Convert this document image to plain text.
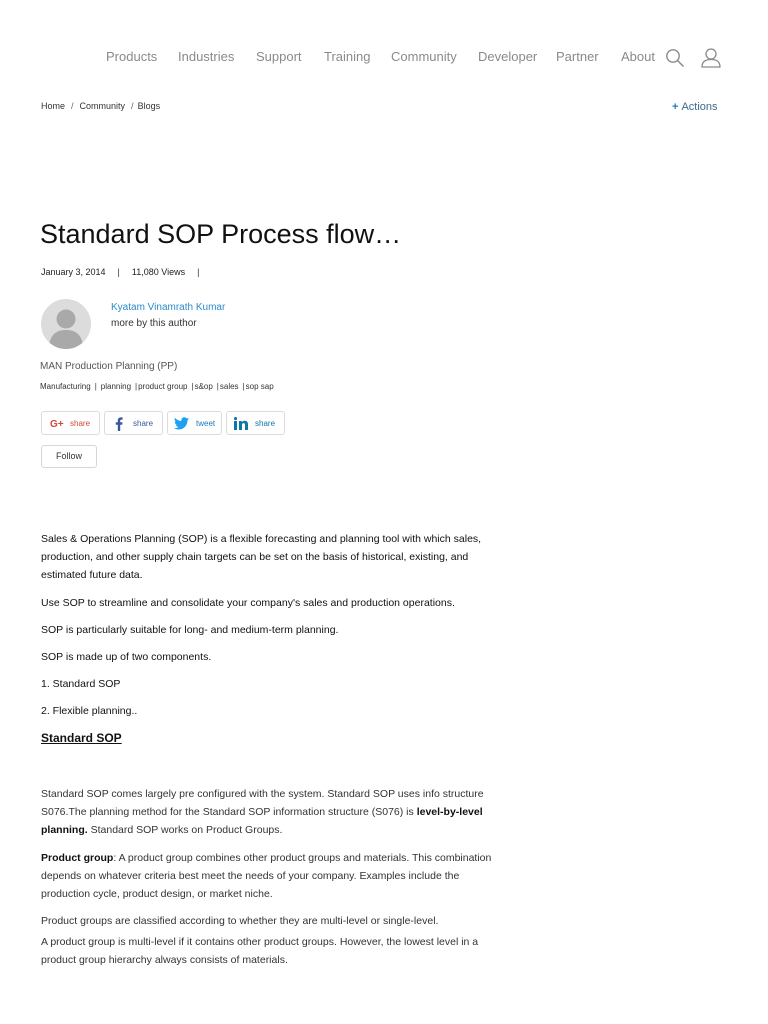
Products Industries Support Training Community Developer Partner About
Home / Community / Blogs	+ Actions
Standard SOP Process flow…
January 3, 2014 | 11,080 Views |
Kyatam Vinamrath Kumar
more by this author
MAN Production Planning (PP)
Manufacturing | planning |product group |s&op |sales |sop sap
G+ share	share	tweet	share
Follow

Sales & Operations Planning (SOP) is a flexible forecasting and planning tool with which sales, production, and other supply chain targets can be set on the basis of historical, existing, and estimated future data.

Use SOP to streamline and consolidate your company's sales and production operations.

SOP is particularly suitable for long- and medium-term planning.

SOP is made up of two components.

1. Standard SOP

2. Flexible planning..

Standard SOP

Standard SOP comes largely pre configured with the system. Standard SOP uses info structure S076.The planning method for the Standard SOP information structure (S076) is level-by-level planning. Standard SOP works on Product Groups.

Product group: A product group combines other product groups and materials. This combination depends on whatever criteria best meet the needs of your company. Examples include the production cycle, product design, or market niche.

Product groups are classified according to whether they are multi-level or single-level.

A product group is multi-level if it contains other product groups. However, the lowest level in a product group hierarchy always consists of materials.
